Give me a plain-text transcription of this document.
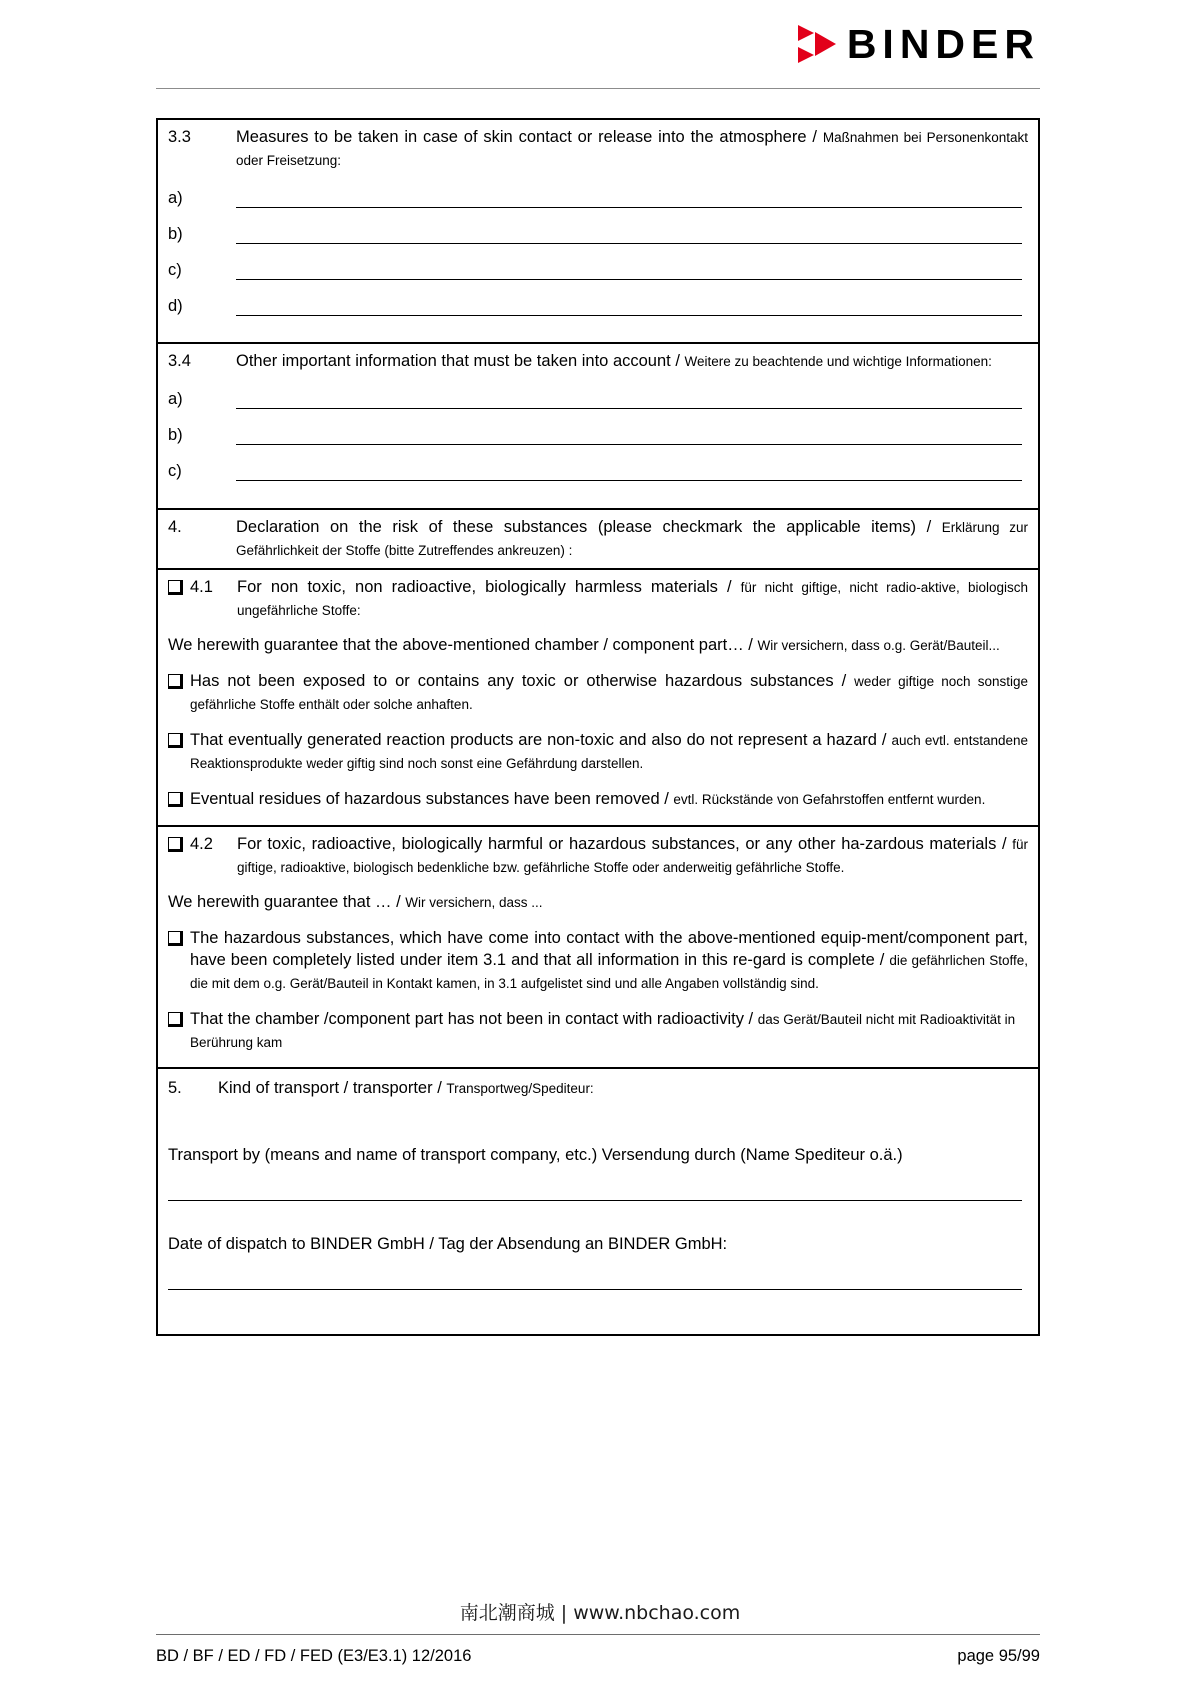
BINDER
3.3	Measures to be taken in case of skin contact or release into the atmosphere / Maßnahmen bei Personenkontakt oder Freisetzung:
a)
b)
c)
d)
3.4	Other important information that must be taken into account / Weitere zu beachtende und wichtige Informationen:
a)
b)
c)
4.	Declaration on the risk of these substances (please checkmark the applicable items) / Erklärung zur Gefährlichkeit der Stoffe (bitte Zutreffendes ankreuzen) :
4.1	For non toxic, non radioactive, biologically harmless materials / für nicht giftige, nicht radio-aktive, biologisch ungefährliche Stoffe:
We herewith guarantee that the above-mentioned chamber / component part… / Wir versichern, dass o.g. Gerät/Bauteil...
Has not been exposed to or contains any toxic or otherwise hazardous substances / weder giftige noch sonstige gefährliche Stoffe enthält oder solche anhaften.
That eventually generated reaction products are non-toxic and also do not represent a hazard / auch evtl. entstandene Reaktionsprodukte weder giftig sind noch sonst eine Gefährdung darstellen.
Eventual residues of hazardous substances have been removed / evtl. Rückstände von Gefahrstoffen entfernt wurden.
4.2	For toxic, radioactive, biologically harmful or hazardous substances, or any other ha-zardous materials / für giftige, radioaktive, biologisch bedenkliche bzw. gefährliche Stoffe oder anderweitig gefährliche Stoffe.
We herewith guarantee that … / Wir versichern, dass ...
The hazardous substances, which have come into contact with the above-mentioned equip-ment/component part, have been completely listed under item 3.1 and that all information in this re-gard is complete / die gefährlichen Stoffe, die mit dem o.g. Gerät/Bauteil in Kontakt kamen, in 3.1 aufgelistet sind und alle Angaben vollständig sind.
That the chamber /component part has not been in contact with radioactivity / das Gerät/Bauteil nicht mit Radioaktivität in Berührung kam
5.	Kind of transport / transporter / Transportweg/Spediteur:
Transport by (means and name of transport company, etc.) Versendung durch (Name Spediteur o.ä.)
Date of dispatch to BINDER GmbH / Tag der Absendung an BINDER GmbH:
南北潮商城 | www.nbchao.com
BD / BF / ED / FD / FED (E3/E3.1) 12/2016	page 95/99
